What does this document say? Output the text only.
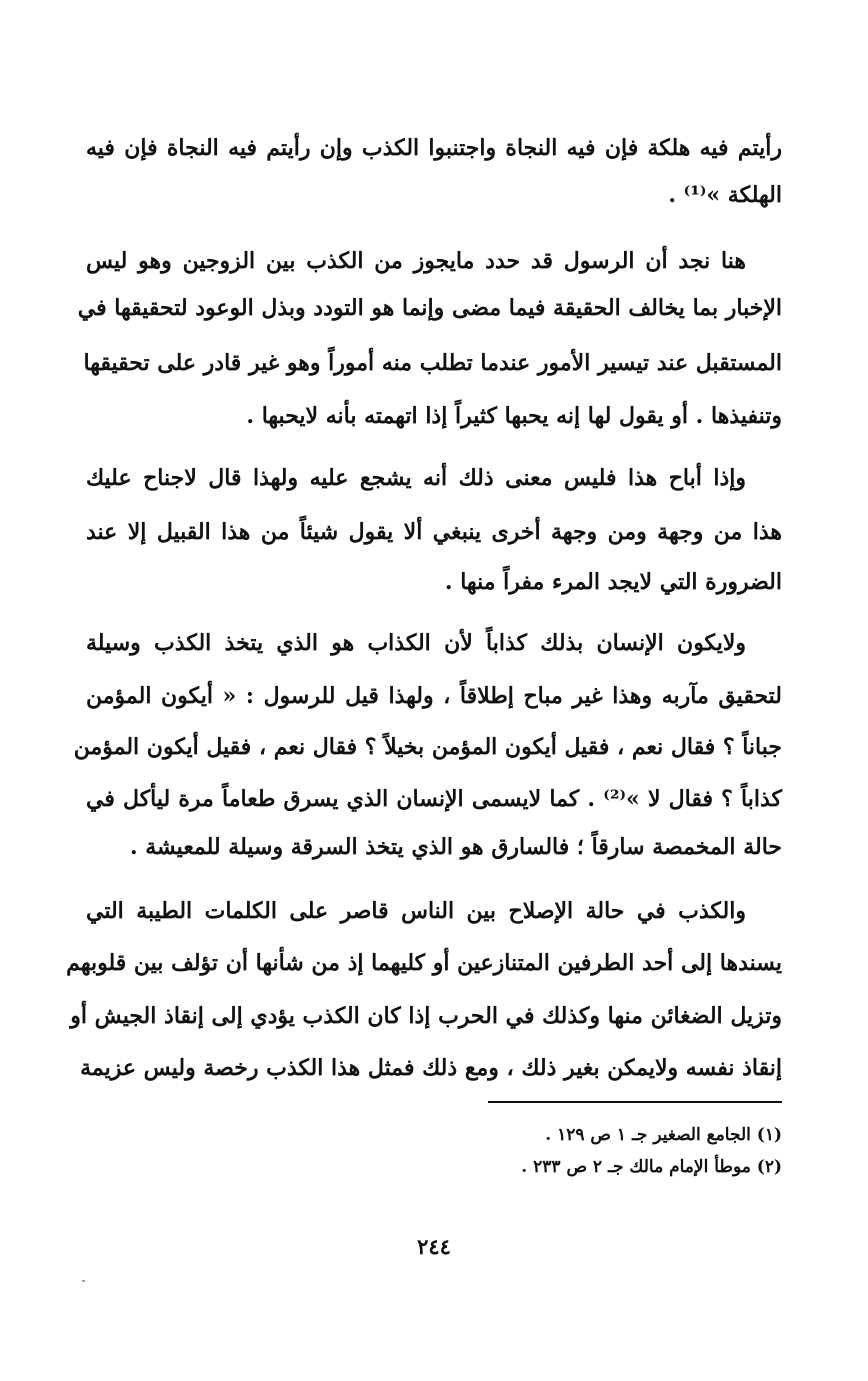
رأيتم فيه هلكة فإن فيه النجاة واجتنبوا الكذب وإن رأيتم فيه النجاة فإن فيه
الهلكة »⁽¹⁾ .
هنا نجد أن الرسول قد حدد مايجوز من الكذب بين الزوجين وهو ليس
الإخبار بما يخالف الحقيقة فيما مضى وإنما هو التودد وبذل الوعود لتحقيقها في
المستقبل عند تيسير الأمور عندما تطلب منه أموراً وهو غير قادر على تحقيقها
وتنفيذها . أو يقول لها إنه يحبها كثيراً إذا اتهمته بأنه لايحبها .
وإذا أباح هذا فليس معنى ذلك أنه يشجع عليه ولهذا قال لاجناح عليك
هذا من وجهة ومن وجهة أخرى ينبغي ألا يقول شيئاً من هذا القبيل إلا عند
الضرورة التي لايجد المرء مفراً منها .
ولايكون الإنسان بذلك كذاباً لأن الكذاب هو الذي يتخذ الكذب وسيلة
لتحقيق مآربه وهذا غير مباح إطلاقاً ، ولهذا قيل للرسول : « أيكون المؤمن
جباناً ؟ فقال نعم ، فقيل أيكون المؤمن بخيلاً ؟ فقال نعم ، فقيل أيكون المؤمن
كذاباً ؟ فقال لا »⁽²⁾ . كما لايسمى الإنسان الذي يسرق طعاماً مرة ليأكل في
حالة المخمصة سارقاً ؛ فالسارق هو الذي يتخذ السرقة وسيلة للمعيشة .
والكذب في حالة الإصلاح بين الناس قاصر على الكلمات الطيبة التي
يسندها إلى أحد الطرفين المتنازعين أو كليهما إذ من شأنها أن تؤلف بين قلوبهم
وتزيل الضغائن منها وكذلك في الحرب إذا كان الكذب يؤدي إلى إنقاذ الجيش أو
إنقاذ نفسه ولايمكن بغير ذلك ، ومع ذلك فمثل هذا الكذب رخصة وليس عزيمة
(١) الجامع الصغير جـ ١ ص ١٢٩ .
(٢) موطأ الإمام مالك جـ ٢ ص ٢٣٣ .
٢٤٤
